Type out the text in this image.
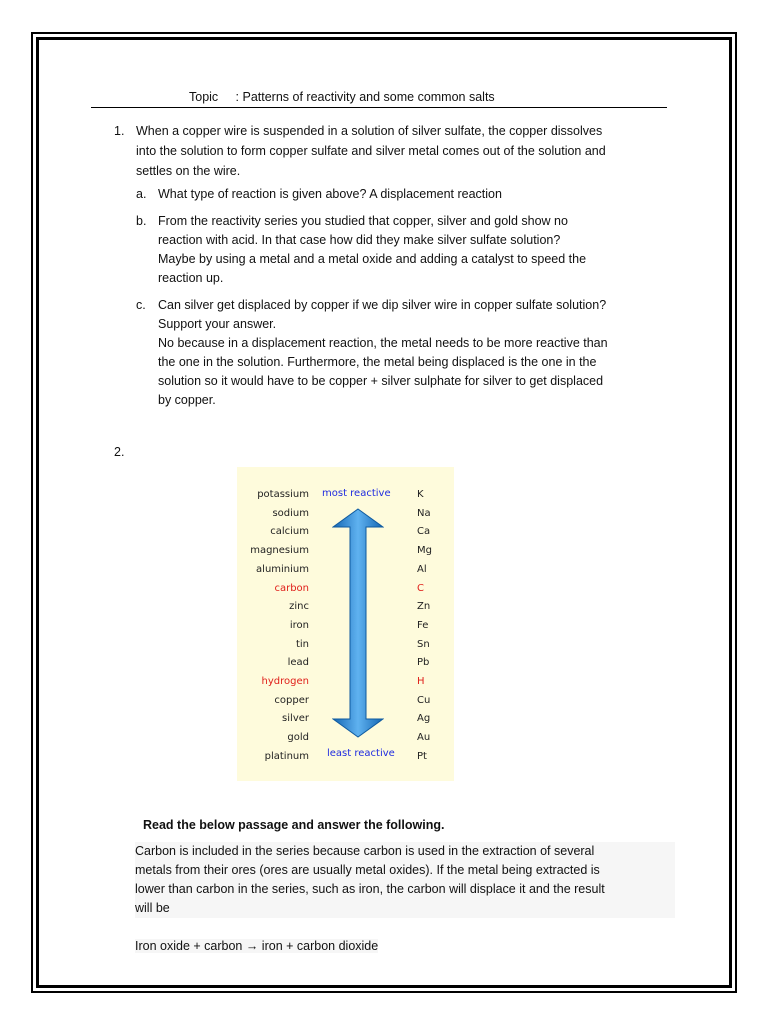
Topic     : Patterns of reactivity and some common salts
1. When a copper wire is suspended in a solution of silver sulfate, the copper dissolves
into the solution to form copper sulfate and silver metal comes out of the solution and
settles on the wire.
a. What type of reaction is given above? A displacement reaction
b. From the reactivity series you studied that copper, silver and gold show no
reaction with acid. In that case how did they make silver sulfate solution?
Maybe by using a metal and a metal oxide and adding a catalyst to speed the
reaction up.
c. Can silver get displaced by copper if we dip silver wire in copper sulfate solution?
Support your answer.
No because in a displacement reaction, the metal needs to be more reactive than
the one in the solution. Furthermore, the metal being displaced is the one in the
solution so it would have to be copper + silver sulphate for silver to get displaced
by copper.
2.
potassium	K
sodium	Na
calcium	Ca
magnesium	Mg
aluminium	Al
carbon	C
zinc	Zn
iron	Fe
tin	Sn
lead	Pb
hydrogen	H
copper	Cu
silver	Ag
gold	Au
platinum	Pt
most reactive
least reactive
Read the below passage and answer the following.
Carbon is included in the series because carbon is used in the extraction of several
metals from their ores (ores are usually metal oxides). If the metal being extracted is
lower than carbon in the series, such as iron, the carbon will displace it and the result
will be
Iron oxide + carbon → iron + carbon dioxide
